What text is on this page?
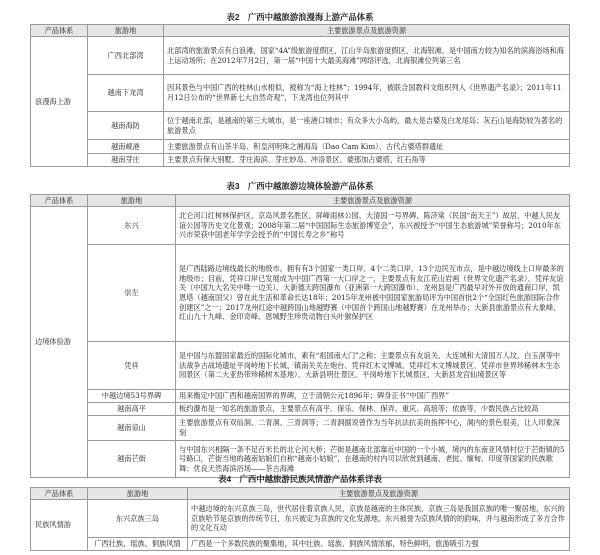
表2　广西中越旅游浪漫海上游产品体系
产品体系	旅游地	主要旅游景点及旅游资源
浪漫海上游	广西北部湾	北部湾的旅游景点有白浪滩，国家“4A”级旅游度假区，江山半岛旅游度假区，北海银滩，是中国南方较为知名的滨海浴场和海上运动场所；在2012年7月2日，第一届“中国十大最美海滩”网络评选，北海银滩位列第三名
	越南下龙湾	因其景色与中国广西的桂林山水相似，被称为“海上桂林”；1994年，被联合国教科文组织列入《世界遗产名录》；2011年11月12日公布的“世界新七大自然奇观”，下龙湾也位列其中
	越南海防	位于越南北部，是越南的第三大城市，是一座港口城市；有众多大小岛屿，最大是吉婆及白龙尾岛；灰石山是海防较为著名的旅游景点
	越南岘港	主要旅游景点有山茶半岛、积皇河明珠之湘海岛（Dao Cam Kim）、古代占婆塔群遗址
	越南芽庄	主要景点有保大别墅、芽庄海滨、芽庄妙岛、冲洛景区、婆那加占婆塔、红石角等
表3　广西中越旅游边境体验游产品体系
产品体系	旅游地	主要旅游景点及旅游资源
边境体验游	东兴	北仑河口红树林保护区、京岛风景名胜区、屏峰雨林公园、大清国一号界碑、陈济棠（民国“南天王”）故居，中越人民友谊公园等历史文化景观；2008年第二届“中国国际生态旅游博览会”，东兴被授予“中国生态旅游城”荣誉称号；2010年东兴市荣获中国老年学学会授予的“中国长寿之乡”称号
	崇左	是广西陆路边境线最长的地级市。拥有有3个国家一类口岸、4个二类口岸，13个边民互市点，是中越边境线上口岸最多的地级市；目前，凭祥口岸已发展成为中国广西第一大口岸之一，主要景点有友江花山岩画（世界文化遗产名录）、凭祥友谊关（中国九大名关中唯一边关）、大新德天跨国瀑布（亚洲第一大跨国瀑布）、龙州县是广西最早对外开放的通商口岸，凯恩塔（越南国父）曾在此生活和革命长达18年；2015年龙州被中国国家旅游局评为中国首批2个“全国红色旅游国际合作创建区”之一；2017龙州红途中越跨国山地越野赛（中国首个跨国山地越野赛）在龙州举办；大新县旅游景点有大象峰、红山九十九峰、金印奇峰、恩城野生珍贵动物白头叶猴保护区
	凭祥	是中国与东盟国家最近的国际化城市，素有“祖国南大门”之称；主要景点有友谊关、大连城和大清国万人坟、白玉洞等中法战争古战场遗址平岗岭地下长城、镇南关关左炮台、凭祥红木文博城、凭祥红木文博城景区、凭祥市世界珍稀林木生态园景区（第二大亚热带珍稀树木基地）、大新县明仕景区、平岗岭地下长城景区、大新县龙宫仙境景区等
	中越边境53号界碑	用来衡定中国广西和越南国界的界碑，立于清朝公元1896年；碑身正书“中国广西界”
	越南高平	板约瀑布是一知名的旅游景点，主要景点有高平、保乐、保林、保弄、重庆、高琅等；依族等，少数民族占比较高
	越南谅山	主要旅游景点有双仙洞、二青洞、三青洞等；二青洞据说曾作为当年抗法抗美的指挥中心，洞内的景色很美，让人印象深刻
	越南芒街	与中国东兴相隔一条不足百米长的北仑河大桥；芒街是越南北部靠近中国的一个小城，境内的东南亚风情村位于芒街镇的5号路口，芒街当地的越南姑娘们自称“越南小姑娘”，在越南的村内可以欣赏到越南、老挝、缅甸、印度等国家的民族歌舞；优良天然海滨浴场——茶古海滩
表4　广西中越旅游民族风情游产品体系详表
产品体系	旅游地	主要旅游景点及旅游资源
民族风情游	东兴京族三岛	中越边境的东兴京族三岛，世代居住着京族人民，京族是越南的主体民族，京族三岛是我国京族的唯一聚居地，东兴的京族哈节是京族的传统节日，东兴被定为京族的文化发源地，东兴被誉为京族风情的的韵味，并与越南形成了多方合作的文化互动
	广西壮族、瑶族、侗族风情	广西是一个多数民族的聚集地，其中壮族、瑶族、侗族风情浓郁，特色鲜明，旅游吸引力强
